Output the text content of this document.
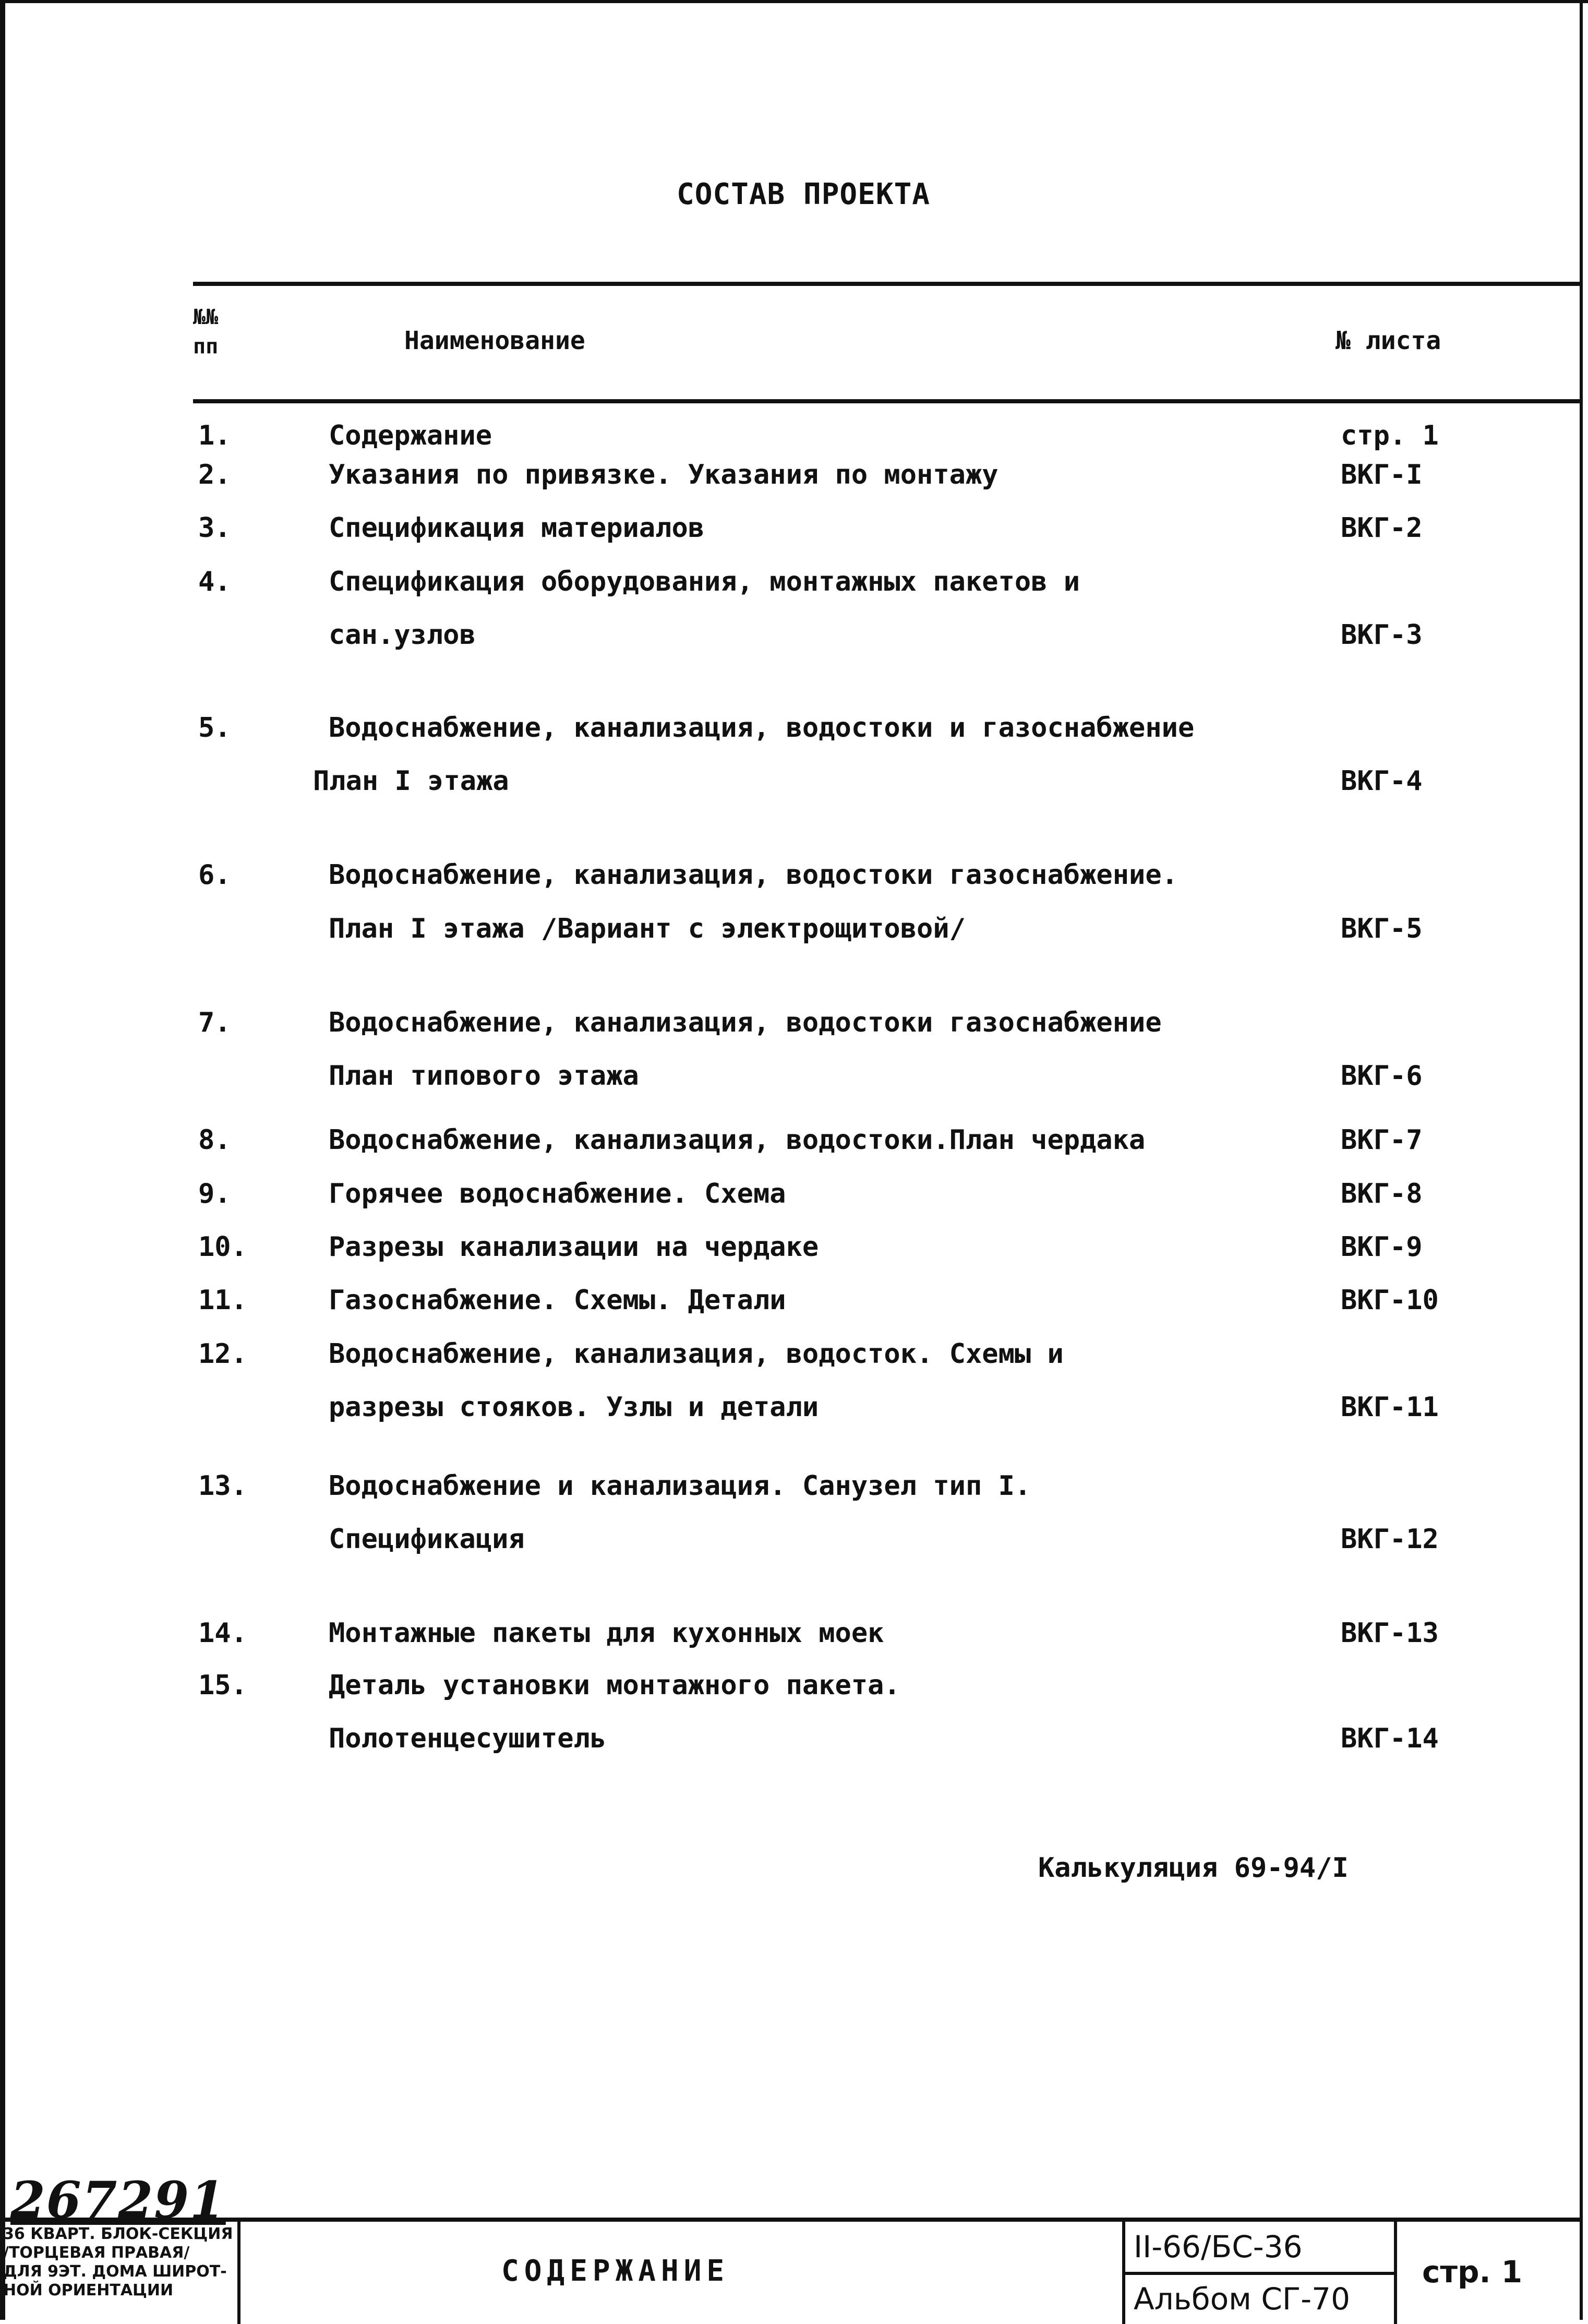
СОСТАВ ПРОЕКТА
№№
пп	Наименование	№ листа
1.	Содержание	стр. 1
2.	Указания по привязке. Указания по монтажу	ВКГ-I
3.	Спецификация материалов	ВКГ-2
4.	Спецификация оборудования, монтажных пакетов и
сан.узлов	ВКГ-3
5.	Водоснабжение, канализация, водостоки и газоснабжение
План I этажа	ВКГ-4
6.	Водоснабжение, канализация, водостоки газоснабжение.
План I этажа /Вариант с электрощитовой/	ВКГ-5
7.	Водоснабжение, канализация, водостоки газоснабжение
План типового этажа	ВКГ-6
8.	Водоснабжение, канализация, водостоки.План чердака	ВКГ-7
9.	Горячее водоснабжение. Схема	ВКГ-8
10.	Разрезы канализации на чердаке	ВКГ-9
11.	Газоснабжение. Схемы. Детали	ВКГ-10
12.	Водоснабжение, канализация, водосток. Схемы и
разрезы стояков. Узлы и детали	ВКГ-11
13.	Водоснабжение и канализация. Санузел тип I.
Спецификация	ВКГ-12
14.	Монтажные пакеты для кухонных моек	ВКГ-13
15.	Деталь установки монтажного пакета.
Полотенцесушитель	ВКГ-14
Калькуляция 69-94/I
267291
36 КВАРТ. БЛОК-СЕКЦИЯ
/ТОРЦЕВАЯ ПРАВАЯ/
ДЛЯ 9ЭТ. ДОМА ШИРОТ-
НОЙ ОРИЕНТАЦИИ
СОДЕРЖАНИЕ
II-66/БС-36
Альбом СГ-70
стр. 1
